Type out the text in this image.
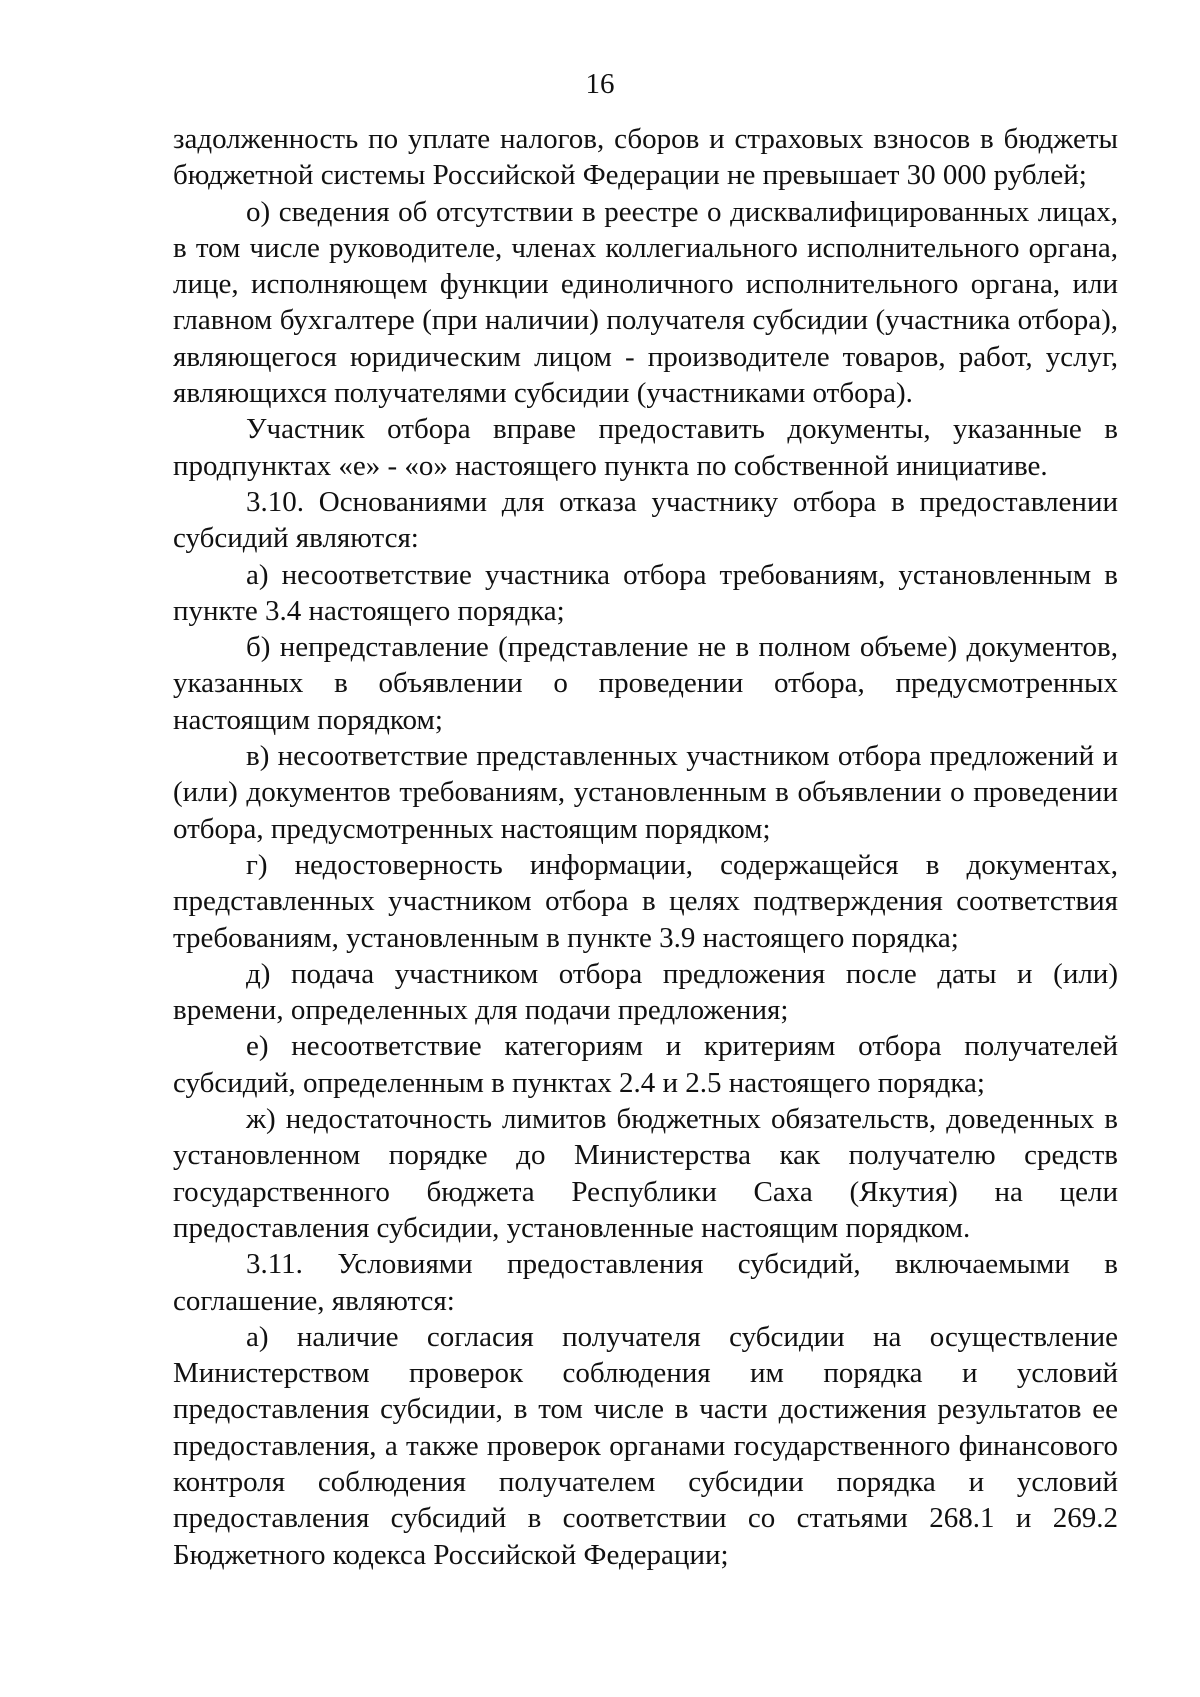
16

задолженность по уплате налогов, сборов и страховых взносов в бюджеты бюджетной системы Российской Федерации не превышает 30 000 рублей;

о) сведения об отсутствии в реестре о дисквалифицированных лицах, в том числе руководителе, членах коллегиального исполнительного органа, лице, исполняющем функции единоличного исполнительного органа, или главном бухгалтере (при наличии) получателя субсидии (участника отбора), являющегося юридическим лицом - производителе товаров, работ, услуг, являющихся получателями субсидии (участниками отбора).

Участник отбора вправе предоставить документы, указанные в продпунктах «е» - «о» настоящего пункта по собственной инициативе.

3.10. Основаниями для отказа участнику отбора в предоставлении субсидий являются:

а) несоответствие участника отбора требованиям, установленным в пункте 3.4 настоящего порядка;

б) непредставление (представление не в полном объеме) документов, указанных в объявлении о проведении отбора, предусмотренных настоящим порядком;

в) несоответствие представленных участником отбора предложений и (или) документов требованиям, установленным в объявлении о проведении отбора, предусмотренных настоящим порядком;

г) недостоверность информации, содержащейся в документах, представленных участником отбора в целях подтверждения соответствия требованиям, установленным в пункте 3.9 настоящего порядка;

д) подача участником отбора предложения после даты и (или) времени, определенных для подачи предложения;

е) несоответствие категориям и критериям отбора получателей субсидий, определенным в пунктах 2.4 и 2.5 настоящего порядка;

ж) недостаточность лимитов бюджетных обязательств, доведенных в установленном порядке до Министерства как получателю средств государственного бюджета Республики Саха (Якутия) на цели предоставления субсидии, установленные настоящим порядком.

3.11. Условиями предоставления субсидий, включаемыми в соглашение, являются:

а) наличие согласия получателя субсидии на осуществление Министерством проверок соблюдения им порядка и условий предоставления субсидии, в том числе в части достижения результатов ее предоставления, а также проверок органами государственного финансового контроля соблюдения получателем субсидии порядка и условий предоставления субсидий в соответствии со статьями 268.1 и 269.2 Бюджетного кодекса Российской Федерации;
